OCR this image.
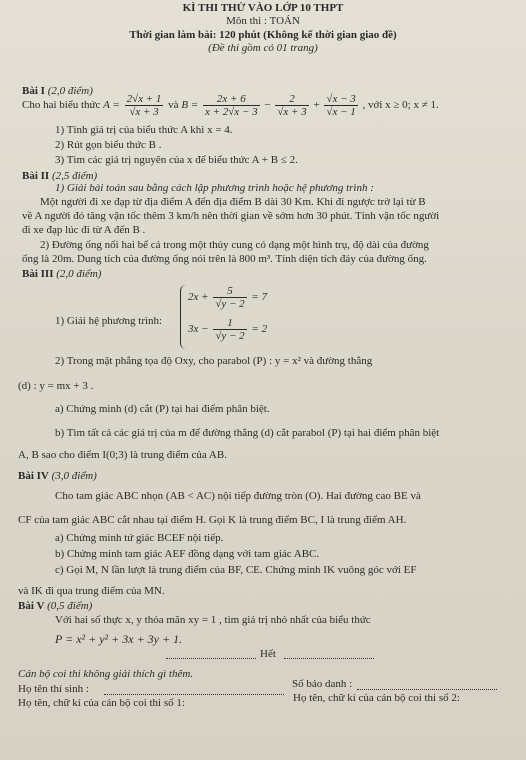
KÌ THI THỬ VÀO LỚP 10 THPT
Môn thi : TOÁN
Thời gian làm bài: 120 phút (Không kể thời gian giao đề)
(Đề thi gồm có 01 trang)
Bài I (2,0 điểm)
Cho hai biểu thức $A = \frac{2√x + 1}{√x + 3}$ và $B = \frac{2x + 6}{x + 2√x - 3} - \frac{2}{√x + 3} + \frac{√x - 3}{√x - 1}$ , với x ≥ 0; x ≠ 1.
1) Tính giá trị của biểu thức A khi x = 4.
2) Rút gọn biểu thức B .
3) Tìm các giá trị nguyên của x để biểu thức A + B ≤ 2.
Bài II (2,5 điểm)
1) Giải bài toán sau bằng cách lập phương trình hoặc hệ phương trình :
Một người đi xe đạp từ địa điểm A đến địa điểm B dài 30 Km. Khi đi ngược trở lại từ B
về A người đó tăng vận tốc thêm 3 km/h nên thời gian về sớm hơn 30 phút. Tính vận tốc người
đi xe đạp lúc đi từ A đến B .
2) Đường ống nối hai bể cá trong một thủy cung có dạng một hình trụ, độ dài của đường
ống là 20m. Dung tích của đường ống nói trên là 800 m³. Tính diện tích đáy của đường ống.
Bài III (2,0 điểm)
1) Giải hệ phương trình:
$2x + \frac{5}{√y - 2} = 7$
$3x - \frac{1}{√y - 2} = 2$
2) Trong mặt phẳng tọa độ Oxy, cho parabol (P) : y = x² và đường thẳng
(d) : y = mx + 3 .
a) Chứng minh (d) cắt (P) tại hai điểm phân biệt.
b) Tìm tất cả các giá trị của m để đường thẳng (d) cắt parabol (P) tại hai điểm phân biệt
A, B sao cho điểm I(0;3) là trung điểm của AB.
Bài IV (3,0 điểm)
Cho tam giác ABC nhọn (AB < AC) nội tiếp đường tròn (O). Hai đường cao BE và
CF của tam giác ABC cắt nhau tại điểm H. Gọi K là trung điểm BC, I là trung điểm AH.
a) Chứng minh tứ giác BCEF nội tiếp.
b) Chứng minh tam giác AEF đồng dạng với tam giác ABC.
c) Gọi M, N lần lượt là trung điểm của BF, CE. Chứng minh IK vuông góc với EF
và IK đi qua trung điểm của MN.
Bài V (0,5 điểm)
Với hai số thực x, y thỏa mãn xy = 1 , tìm giá trị nhỏ nhất của biểu thức
P = x² + y² + 3x + 3y + 1.
Hết
Cán bộ coi thi không giải thích gì thêm.
Họ tên thí sinh :	Số báo danh :
Họ tên, chữ kí của cán bộ coi thi số 1:	Họ tên, chữ kí của cán bộ coi thi số 2:
